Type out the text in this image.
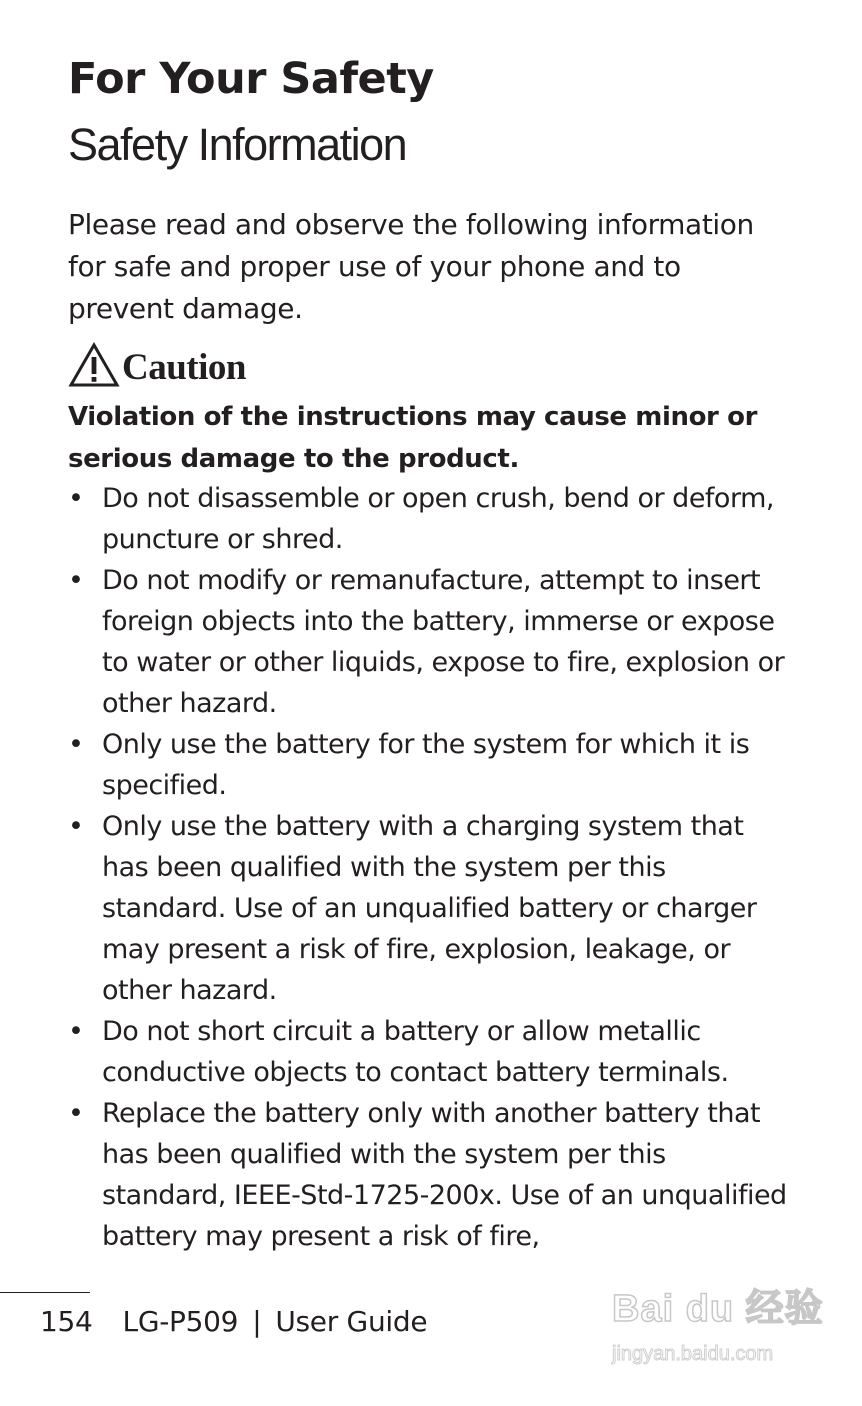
For Your Safety
Safety Information

Please read and observe the following information for safe and proper use of your phone and to prevent damage.

Caution

Violation of the instructions may cause minor or serious damage to the product.

• Do not disassemble or open crush, bend or deform, puncture or shred.
• Do not modify or remanufacture, attempt to insert foreign objects into the battery, immerse or expose to water or other liquids, expose to fire, explosion or other hazard.
• Only use the battery for the system for which it is specified.
• Only use the battery with a charging system that has been qualified with the system per this standard. Use of an unqualified battery or charger may present a risk of fire, explosion, leakage, or other hazard.
• Do not short circuit a battery or allow metallic conductive objects to contact battery terminals.
• Replace the battery only with another battery that has been qualified with the system per this standard, IEEE-Std-1725-200x. Use of an unqualified battery may present a risk of fire,
154 LG-P509 | User Guide	Bai du 经验
jingyan.baidu.com
